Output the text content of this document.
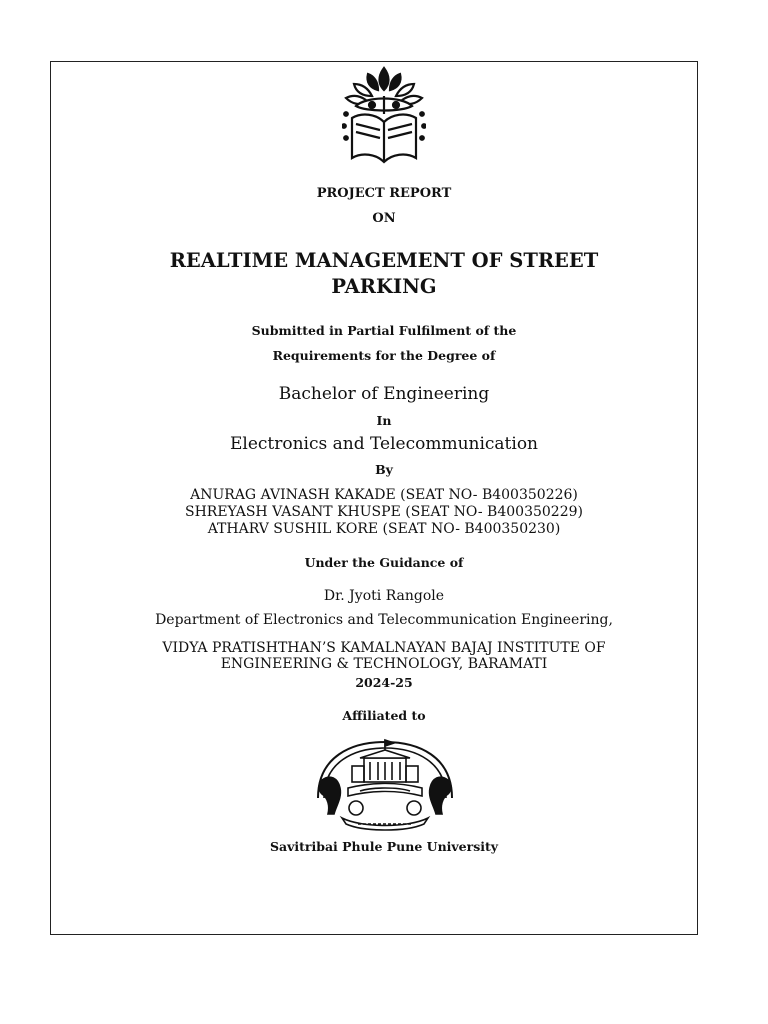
PROJECT REPORT
ON
REALTIME MANAGEMENT OF STREET
PARKING
Submitted in Partial Fulfilment of the
Requirements for the Degree of
Bachelor of Engineering
In
Electronics and Telecommunication
By
ANURAG AVINASH KAKADE (SEAT NO- B400350226)
SHREYASH VASANT KHUSPE (SEAT NO- B400350229)
ATHARV SUSHIL KORE (SEAT NO- B400350230)
Under the Guidance of
Dr. Jyoti Rangole
Department of Electronics and Telecommunication Engineering,
VIDYA PRATISHTHAN’S KAMALNAYAN BAJAJ INSTITUTE OF
ENGINEERING & TECHNOLOGY, BARAMATI
2024-25
Affiliated to
Savitribai Phule Pune University
